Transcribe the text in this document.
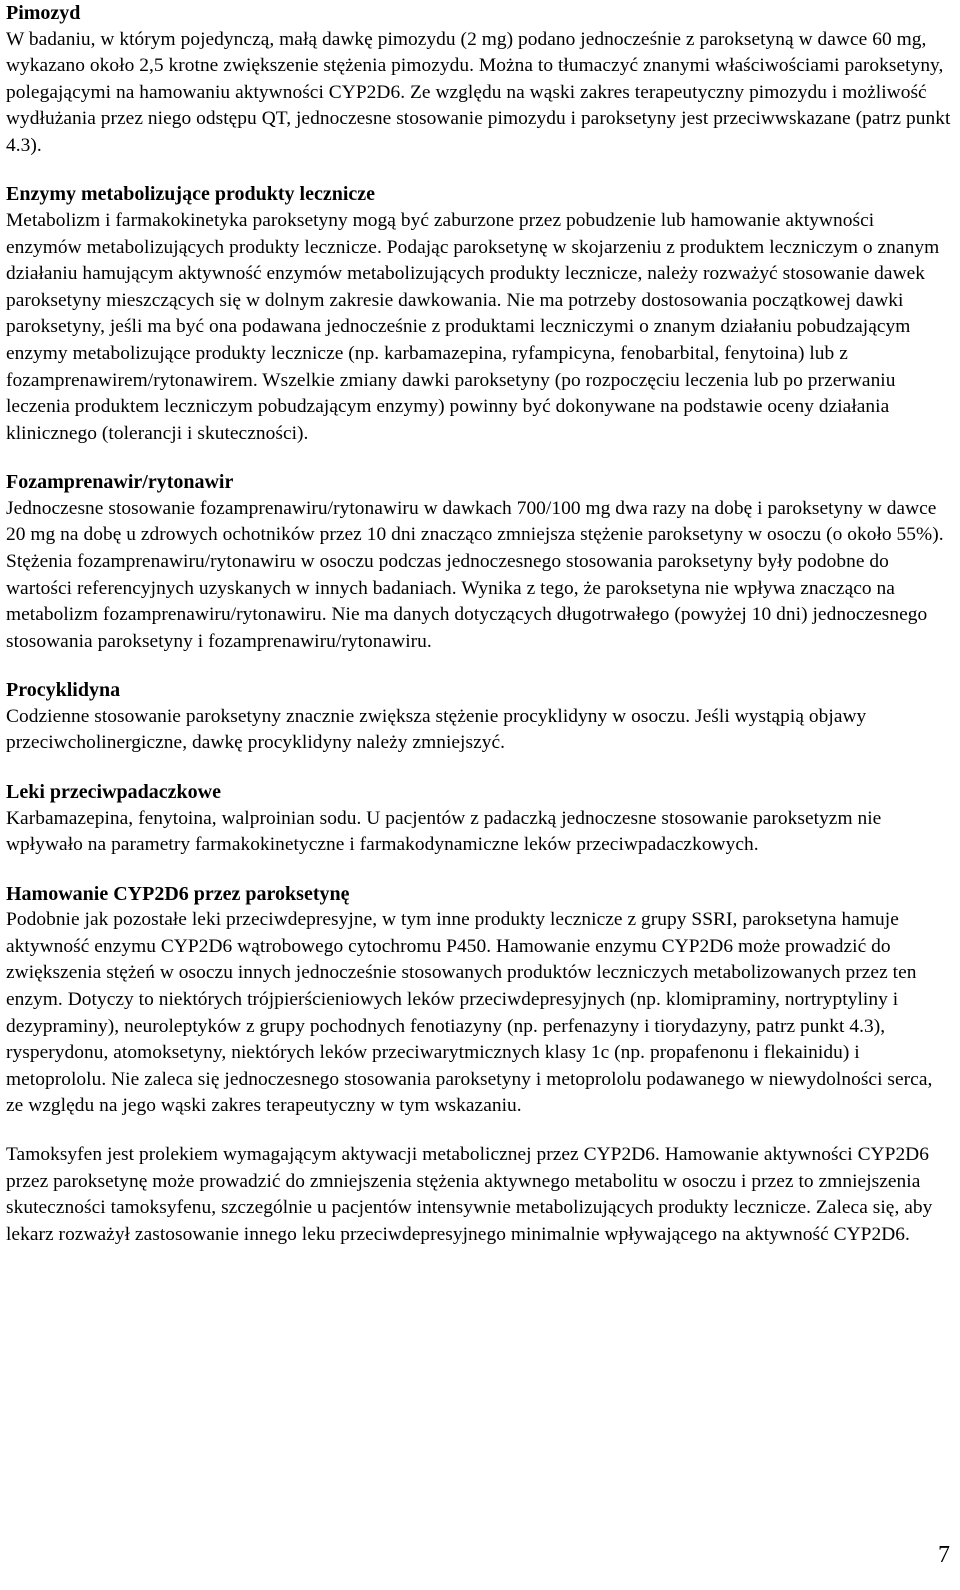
Pimozyd

W badaniu, w którym pojedynczą, małą dawkę pimozydu (2 mg) podano jednocześnie z paroksetyną w dawce 60 mg, wykazano około 2,5 krotne zwiększenie stężenia pimozydu. Można to tłumaczyć znanymi właściwościami paroksetyny, polegającymi na hamowaniu aktywności CYP2D6. Ze względu na wąski zakres terapeutyczny pimozydu i możliwość wydłużania przez niego odstępu QT, jednoczesne stosowanie pimozydu i paroksetyny jest przeciwwskazane (patrz punkt 4.3).

Enzymy metabolizujące produkty lecznicze

Metabolizm i farmakokinetyka paroksetyny mogą być zaburzone przez pobudzenie lub hamowanie aktywności enzymów metabolizujących produkty lecznicze. Podając paroksetynę w skojarzeniu z produktem leczniczym o znanym działaniu hamującym aktywność enzymów metabolizujących produkty lecznicze, należy rozważyć stosowanie dawek paroksetyny mieszczących się w dolnym zakresie dawkowania. Nie ma potrzeby dostosowania początkowej dawki paroksetyny, jeśli ma być ona podawana jednocześnie z produktami leczniczymi o znanym działaniu pobudzającym enzymy metabolizujące produkty lecznicze (np. karbamazepina, ryfampicyna, fenobarbital, fenytoina) lub z fozamprenawirem/rytonawirem. Wszelkie zmiany dawki paroksetyny (po rozpoczęciu leczenia lub po przerwaniu leczenia produktem leczniczym pobudzającym enzymy) powinny być dokonywane na podstawie oceny działania klinicznego (tolerancji i skuteczności).

Fozamprenawir/rytonawir

Jednoczesne stosowanie fozamprenawiru/rytonawiru w dawkach 700/100 mg dwa razy na dobę i paroksetyny w dawce 20 mg na dobę u zdrowych ochotników przez 10 dni znacząco zmniejsza stężenie paroksetyny w osoczu (o około 55%). Stężenia fozamprenawiru/rytonawiru w osoczu podczas jednoczesnego stosowania paroksetyny były podobne do wartości referencyjnych uzyskanych w innych badaniach. Wynika z tego, że paroksetyna nie wpływa znacząco na metabolizm fozamprenawiru/rytonawiru. Nie ma danych dotyczących długotrwałego (powyżej 10 dni) jednoczesnego stosowania paroksetyny i fozamprenawiru/rytonawiru.

Procyklidyna

Codzienne stosowanie paroksetyny znacznie zwiększa stężenie procyklidyny w osoczu. Jeśli wystąpią objawy przeciwcholinergiczne, dawkę procyklidyny należy zmniejszyć.

Leki przeciwpadaczkowe

Karbamazepina, fenytoina, walproinian sodu. U pacjentów z padaczką jednoczesne stosowanie paroksetyzm nie wpływało na parametry farmakokinetyczne i farmakodynamiczne leków przeciwpadaczkowych.

Hamowanie CYP2D6 przez paroksetynę

Podobnie jak pozostałe leki przeciwdepresyjne, w tym inne produkty lecznicze z grupy SSRI, paroksetyna hamuje aktywność enzymu CYP2D6 wątrobowego cytochromu P450. Hamowanie enzymu CYP2D6 może prowadzić do zwiększenia stężeń w osoczu innych jednocześnie stosowanych produktów leczniczych metabolizowanych przez ten enzym. Dotyczy to niektórych trójpierścieniowych leków przeciwdepresyjnych (np. klomipraminy, nortryptyliny i dezypraminy), neuroleptyków z grupy pochodnych fenotiazyny (np. perfenazyny i tiorydazyny, patrz punkt 4.3), rysperydonu, atomoksetyny, niektórych leków przeciwarytmicznych klasy 1c (np. propafenonu i flekainidu) i metoprololu. Nie zaleca się jednoczesnego stosowania paroksetyny i metoprololu podawanego w niewydolności serca, ze względu na jego wąski zakres terapeutyczny w tym wskazaniu.

Tamoksyfen jest prolekiem wymagającym aktywacji metabolicznej przez CYP2D6. Hamowanie aktywności CYP2D6 przez paroksetynę może prowadzić do zmniejszenia stężenia aktywnego metabolitu w osoczu i przez to zmniejszenia skuteczności tamoksyfenu, szczególnie u pacjentów intensywnie metabolizujących produkty lecznicze. Zaleca się, aby lekarz rozważył zastosowanie innego leku przeciwdepresyjnego minimalnie wpływającego na aktywność CYP2D6.

7
